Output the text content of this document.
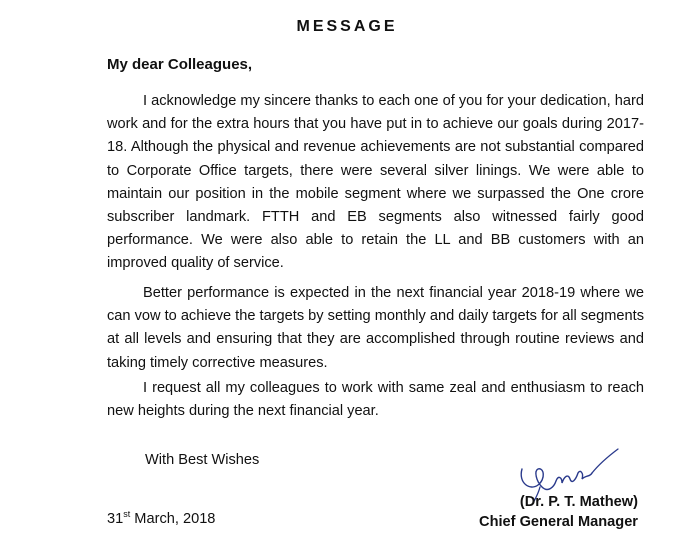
MESSAGE
My dear Colleagues,

I acknowledge my sincere thanks to each one of you for your dedication, hard work and for the extra hours that you have put in to achieve our goals during 2017-18. Although the physical and revenue achievements are not substantial compared to Corporate Office targets, there were several silver linings. We were able to maintain our position in the mobile segment where we surpassed the One crore subscriber landmark. FTTH and EB segments also witnessed fairly good performance. We were also able to retain the LL and BB customers with an improved quality of service.

Better performance is expected in the next financial year 2018-19 where we can vow to achieve the targets by setting monthly and daily targets for all segments at all levels and ensuring that they are accomplished through routine reviews and taking timely corrective measures.

I request all my colleagues to work with same zeal and enthusiasm to reach new heights during the next financial year.

With Best Wishes
(Dr. P. T. Mathew)
Chief General Manager
31st March, 2018
